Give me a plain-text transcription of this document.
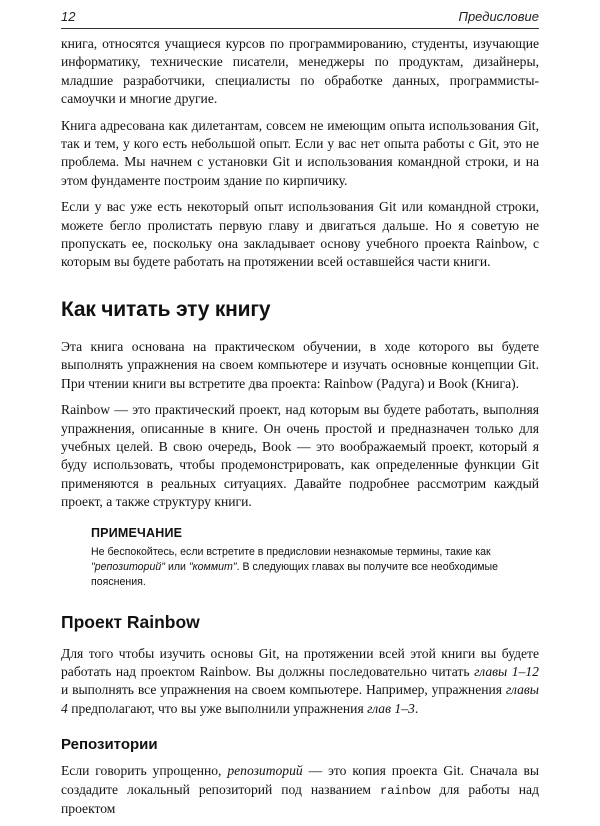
12	Предисловие

книга, относятся учащиеся курсов по программированию, студенты, изучающие информатику, технические писатели, менеджеры по продуктам, дизайнеры, младшие разработчики, специалисты по обработке данных, программисты-самоучки и многие другие.

Книга адресована как дилетантам, совсем не имеющим опыта использования Git, так и тем, у кого есть небольшой опыт. Если у вас нет опыта работы с Git, это не проблема. Мы начнем с установки Git и использования командной строки, и на этом фундаменте построим здание по кирпичику.

Если у вас уже есть некоторый опыт использования Git или командной строки, можете бегло пролистать первую главу и двигаться дальше. Но я советую не пропускать ее, поскольку она закладывает основу учебного проекта Rainbow, с которым вы будете работать на протяжении всей оставшейся части книги.

Как читать эту книгу

Эта книга основана на практическом обучении, в ходе которого вы будете выполнять упражнения на своем компьютере и изучать основные концепции Git. При чтении книги вы встретите два проекта: Rainbow (Радуга) и Book (Книга).

Rainbow — это практический проект, над которым вы будете работать, выполняя упражнения, описанные в книге. Он очень простой и предназначен только для учебных целей. В свою очередь, Book — это воображаемый проект, который я буду использовать, чтобы продемонстрировать, как определенные функции Git применяются в реальных ситуациях. Давайте подробнее рассмотрим каждый проект, а также структуру книги.

ПРИМЕЧАНИЕ

Не беспокойтесь, если встретите в предисловии незнакомые термины, такие как "репозиторий" или "коммит". В следующих главах вы получите все необходимые пояснения.

Проект Rainbow

Для того чтобы изучить основы Git, на протяжении всей этой книги вы будете работать над проектом Rainbow. Вы должны последовательно читать главы 1–12 и выполнять все упражнения на своем компьютере. Например, упражнения главы 4 предполагают, что вы уже выполнили упражнения глав 1–3.

Репозитории

Если говорить упрощенно, репозиторий — это копия проекта Git. Сначала вы создадите локальный репозиторий под названием rainbow для работы над проектом
